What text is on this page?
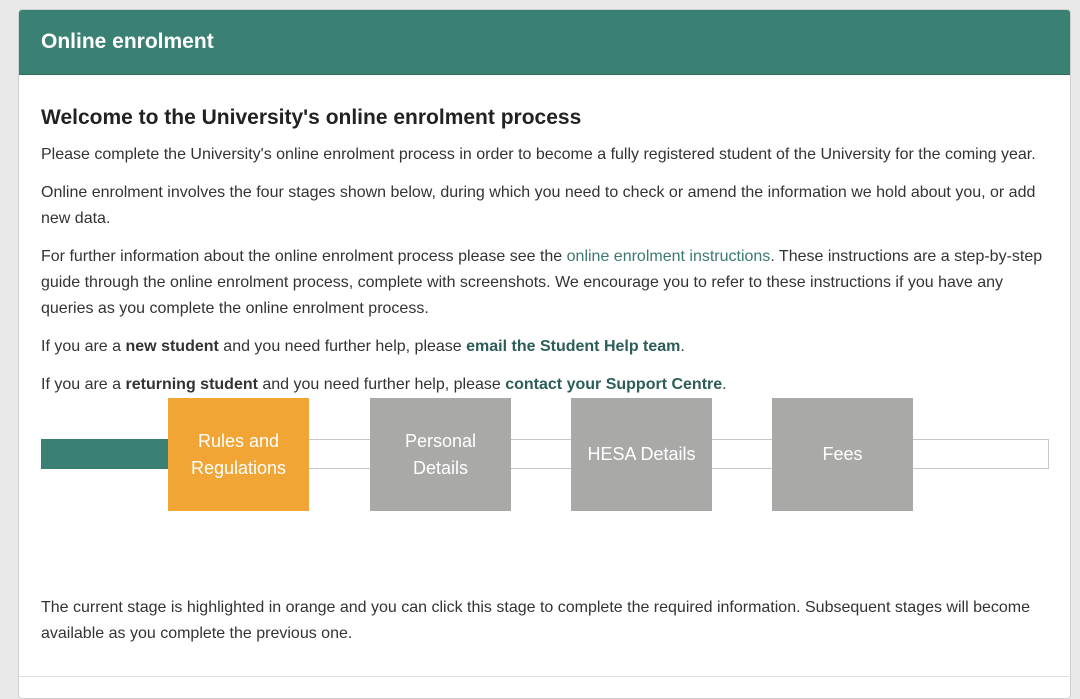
Online enrolment
Welcome to the University's online enrolment process

Please complete the University's online enrolment process in order to become a fully registered student of the University for the coming year.

Online enrolment involves the four stages shown below, during which you need to check or amend the information we hold about you, or add new data.

For further information about the online enrolment process please see the online enrolment instructions. These instructions are a step-by-step guide through the online enrolment process, complete with screenshots. We encourage you to refer to these instructions if you have any queries as you complete the online enrolment process.

If you are a new student and you need further help, please email the Student Help team.

If you are a returning student and you need further help, please contact your Support Centre.

Rules and Regulations
Personal Details
HESA Details	Fees

The current stage is highlighted in orange and you can click this stage to complete the required information. Subsequent stages will become available as you complete the previous one.
